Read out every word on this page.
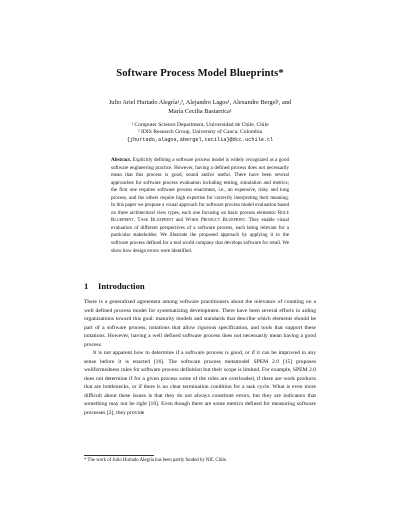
Software Process Model Blueprints*
Julio Ariel Hurtado Alegría¹,², Alejandro Lagos¹, Alexandre Bergel¹, and
María Cecilia Bastarrica¹
¹ Computer Science Department, Universidad de Chile, Chile
² IDIS Research Group, University of Cauca, Colombia
{jhurtado,alagos,abergel,cecilia}@dcc.uchile.cl
Abstract. Explicitly defining a software process model is widely recognized as a good software engineering practice. However, having a defined process does not necessarily mean that this process is good, sound and/or useful. There have been several approaches for software process evaluation including testing, simulation and metrics; the first one requires software process enactment, i.e., an expensive, risky and long process, and the others require high expertise for correctly interpreting their meaning. In this paper we propose a visual approach for software process model evaluation based on three architectural view types, each one focusing on basic process elements: Role Blueprint, Task Blueprint and Work Product Blueprint. They enable visual evaluation of different perspectives of a software process, each being relevant for a particular stakeholder. We illustrate the proposed approach by applying it to the software process defined for a real world company that develops software for retail. We show how design errors were identified.
1 Introduction

There is a generalized agreement among software practitioners about the relevance of counting on a well defined process model for systematizing development. There have been several efforts in aiding organizations toward this goal: maturity models and standards that describe which elements should be part of a software process, notations that allow rigorous specification, and tools that support these notations. However, having a well defined software process does not necessarily mean having a good process.

It is not apparent how to determine if a software process is good, or if it can be improved in any sense before it is enacted [16]. The software process metamodel SPEM 2.0 [15] proposes wellformedness rules for software process definition but their scope is limited. For example, SPEM 2.0 does not determine if for a given process some of the roles are overloaded, if there are work products that are bottlenecks, or if there is no clear termination condition for a task cycle. What is even more difficult about these issues is that they do not always constitute errors, but they are indicators that something may not be right [10]. Even though there are some metrics defined for measuring software processes [2], they provide

* The work of Julio Hurtado Alegría has been partly funded by NIC Chile.
